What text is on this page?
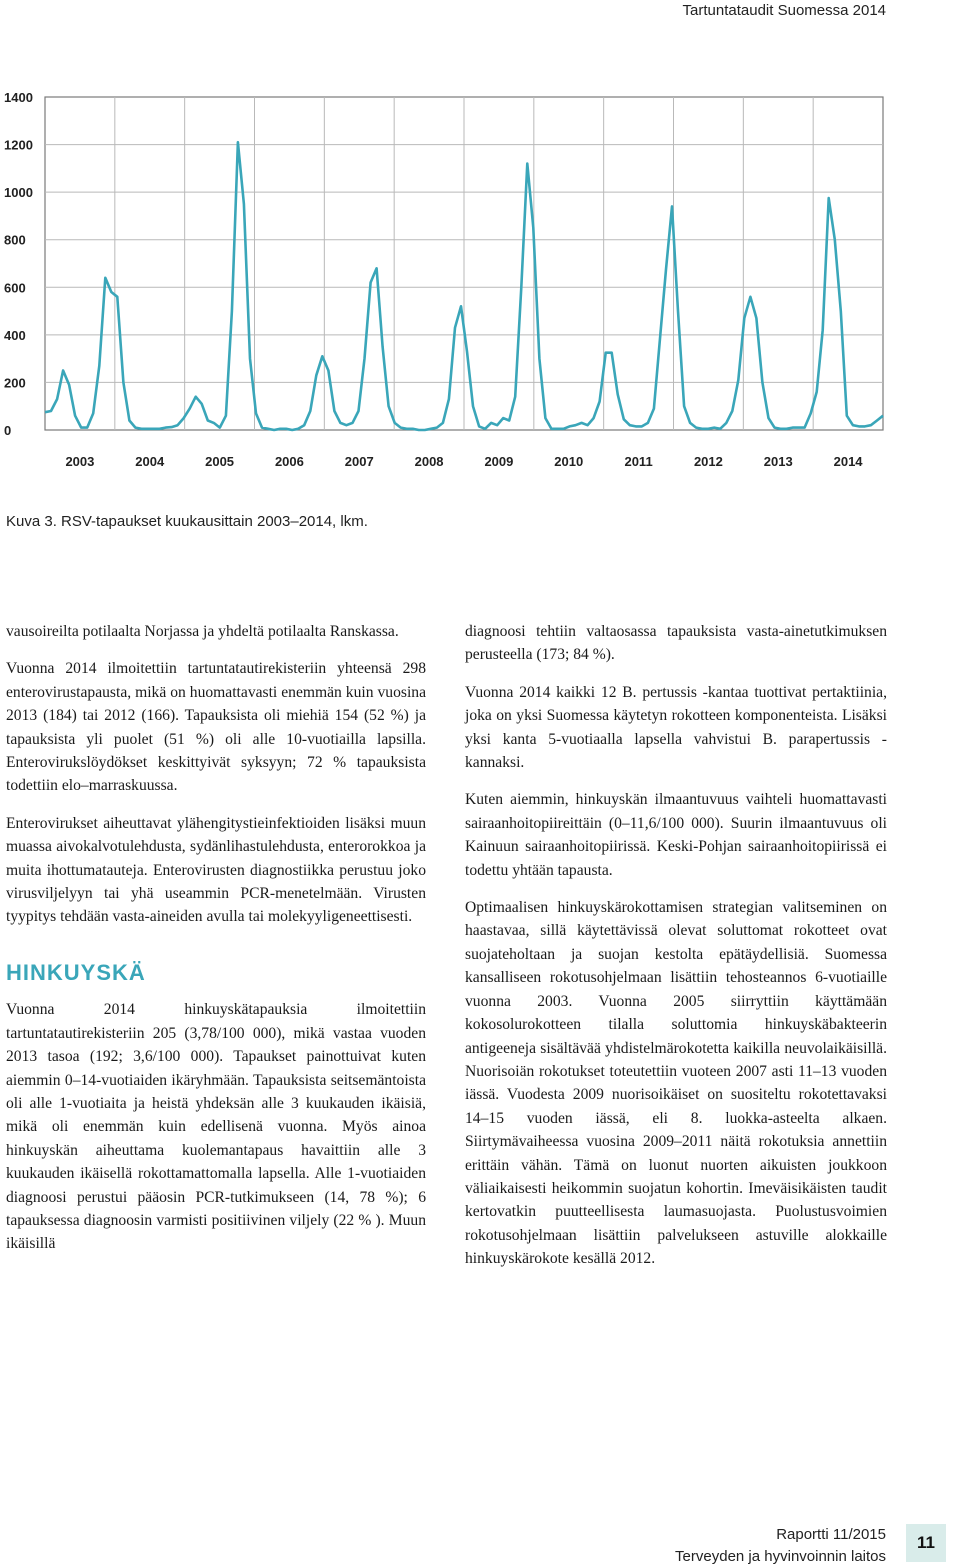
Tartuntataudit Suomessa 2014
0
200
400
600
800
1000
1200
1400
2003	2004	2005	2006	2007	2008	2009	2010	2011	2012	2013	2014
Kuva 3. RSV-tapaukset kuukausittain 2003–2014, lkm.

vausoireilta potilaalta Norjassa ja yhdeltä potilaalta Ranskassa.

Vuonna 2014 ilmoitettiin tartuntatautirekisteriin yhteensä 298 enterovirustapausta, mikä on huomattavasti enemmän kuin vuosina 2013 (184) tai 2012 (166). Tapauksista oli miehiä 154 (52 %) ja tapauksista yli puolet (51 %) oli alle 10-vuotiailla lapsilla. Enterovirukslöydökset keskittyivät syksyyn; 72 % tapauksista todettiin elo–marraskuussa.

Enterovirukset aiheuttavat ylähengitystieinfektioiden lisäksi muun muassa aivokalvotulehdusta, sydänlihastulehdusta, enterorokkoa ja muita ihottumatauteja. Enterovirusten diagnostiikka perustuu joko virusviljelyyn tai yhä useammin PCR-menetelmään. Virusten tyypitys tehdään vasta-aineiden avulla tai molekyyligeneettisesti.

HINKUYSKÄ

Vuonna 2014 hinkuyskätapauksia ilmoitettiin tartuntatautirekisteriin 205 (3,78/100 000), mikä vastaa vuoden 2013 tasoa (192; 3,6/100 000). Tapaukset painottuivat kuten aiemmin 0–14-vuotiaiden ikäryhmään. Tapauksista seitsemäntoista oli alle 1-vuotiaita ja heistä yhdeksän alle 3 kuukauden ikäisiä, mikä oli enemmän kuin edellisenä vuonna. Myös ainoa hinkuyskän aiheuttama kuolemantapaus havaittiin alle 3 kuukauden ikäisellä rokottamattomalla lapsella. Alle 1-vuotiaiden diagnoosi perustui pääosin PCR-tutkimukseen (14, 78 %); 6 tapauksessa diagnoosin varmisti positiivinen viljely (22 % ). Muun ikäisillä

diagnoosi tehtiin valtaosassa tapauksista vasta-ainetutkimuksen perusteella (173; 84 %).

Vuonna 2014 kaikki 12 B. pertussis -kantaa tuottivat pertaktiinia, joka on yksi Suomessa käytetyn rokotteen komponenteista. Lisäksi yksi kanta 5-vuotiaalla lapsella vahvistui B. parapertussis -kannaksi.

Kuten aiemmin, hinkuyskän ilmaantuvuus vaihteli huomattavasti sairaanhoitopiireittäin (0–11,6/100 000). Suurin ilmaantuvuus oli Kainuun sairaanhoitopiirissä. Keski-Pohjan sairaanhoitopiirissä ei todettu yhtään tapausta.

Optimaalisen hinkuyskärokottamisen strategian valitseminen on haastavaa, sillä käytettävissä olevat soluttomat rokotteet ovat suojateholtaan ja suojan kestolta epätäydellisiä. Suomessa kansalliseen rokotusohjelmaan lisättiin tehosteannos 6-vuotiaille vuonna 2003. Vuonna 2005 siirryttiin käyttämään kokosolurokotteen tilalla soluttomia hinkuyskäbakteerin antigeeneja sisältävää yhdistelmärokotetta kaikilla neuvolaikäisillä. Nuorisoiän rokotukset toteutettiin vuoteen 2007 asti 11–13 vuoden iässä. Vuodesta 2009 nuorisoikäiset on suositeltu rokotettavaksi 14–15 vuoden iässä, eli 8. luokka-asteelta alkaen. Siirtymävaiheessa vuosina 2009–2011 näitä rokotuksia annettiin erittäin vähän. Tämä on luonut nuorten aikuisten joukkoon väliaikaisesti heikommin suojatun kohortin. Imeväisikäisten taudit kertovatkin puutteellisesta laumasuojasta. Puolustusvoimien rokotusohjelmaan lisättiin palvelukseen astuville alokkaille hinkuyskärokote kesällä 2012.

Raportti 11/2015
Terveyden ja hyvinvoinnin laitos
11
